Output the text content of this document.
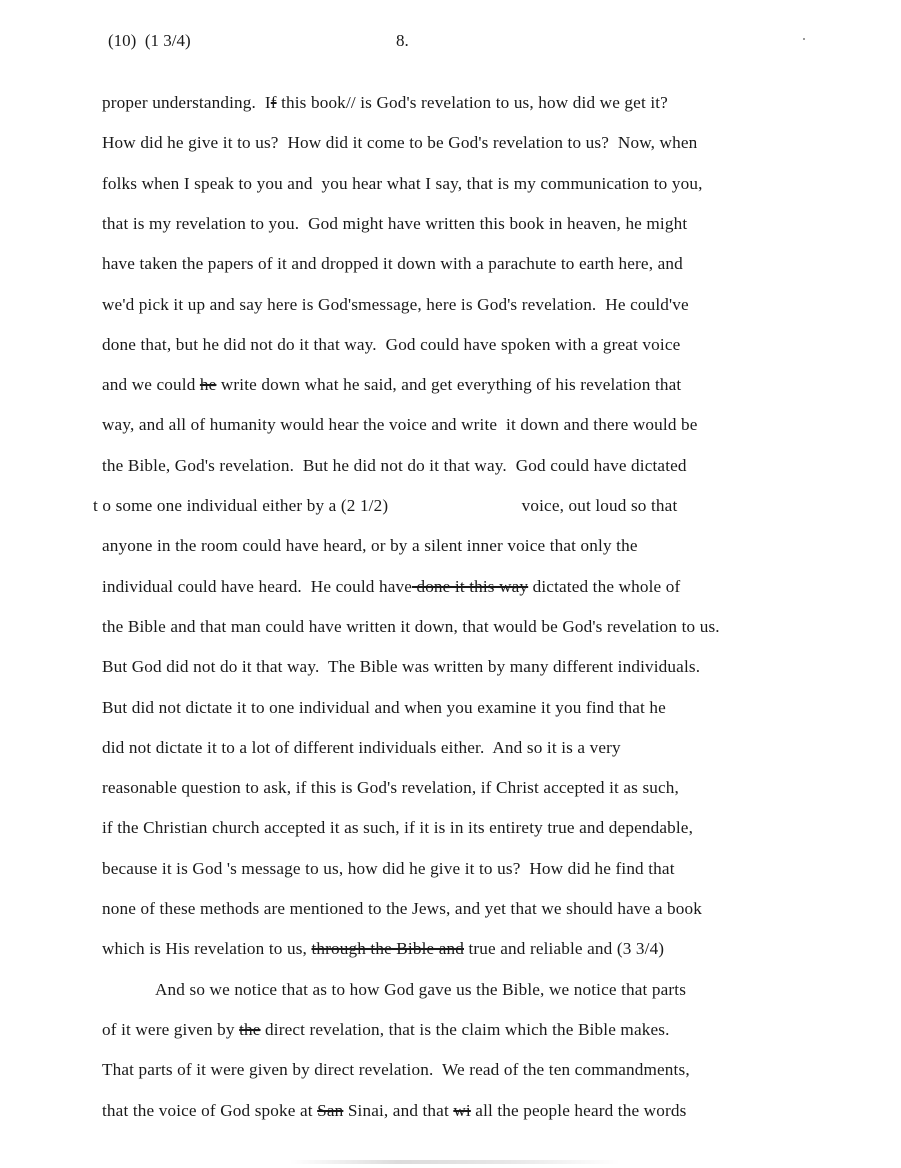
(10)  (1 3/4)	8.
proper understanding.  If this book// is God's revelation to us, how did we get it?
How did he give it to us?  How did it come to be God's revelation to us?  Now, when
folks when I speak to you and  you hear what I say, that is my communication to you,
that is my revelation to you.  God might have written this book in heaven, he might
have taken the papers of it and dropped it down with a parachute to earth here, and
we'd pick it up and say here is God'smessage, here is God's revelation.  He could've
done that, but he did not do it that way.  God could have spoken with a great voice
and we could he write down what he said, and get everything of his revelation that
way, and all of humanity would hear the voice and write  it down and there would be
the Bible, God's revelation.  But he did not do it that way.  God could have dictated
t o some one individual either by a (2 1/2)                              voice, out loud so that
anyone in the room could have heard, or by a silent inner voice that only the
individual could have heard.  He could have done it this way dictated the whole of
the Bible and that man could have written it down, that would be God's revelation to us.
But God did not do it that way.  The Bible was written by many different individuals.
But did not dictate it to one individual and when you examine it you find that he
did not dictate it to a lot of different individuals either.  And so it is a very
reasonable question to ask, if this is God's revelation, if Christ accepted it as such,
if the Christian church accepted it as such, if it is in its entirety true and dependable,
because it is God 's message to us, how did he give it to us?  How did he find that
none of these methods are mentioned to the Jews, and yet that we should have a book
which is His revelation to us, through the Bible and true and reliable and (3 3/4)
And so we notice that as to how God gave us the Bible, we notice that parts
of it were given by the direct revelation, that is the claim which the Bible makes.
That parts of it were given by direct revelation.  We read of the ten commandments,
that the voice of God spoke at San Sinai, and that wi all the people heard the words
